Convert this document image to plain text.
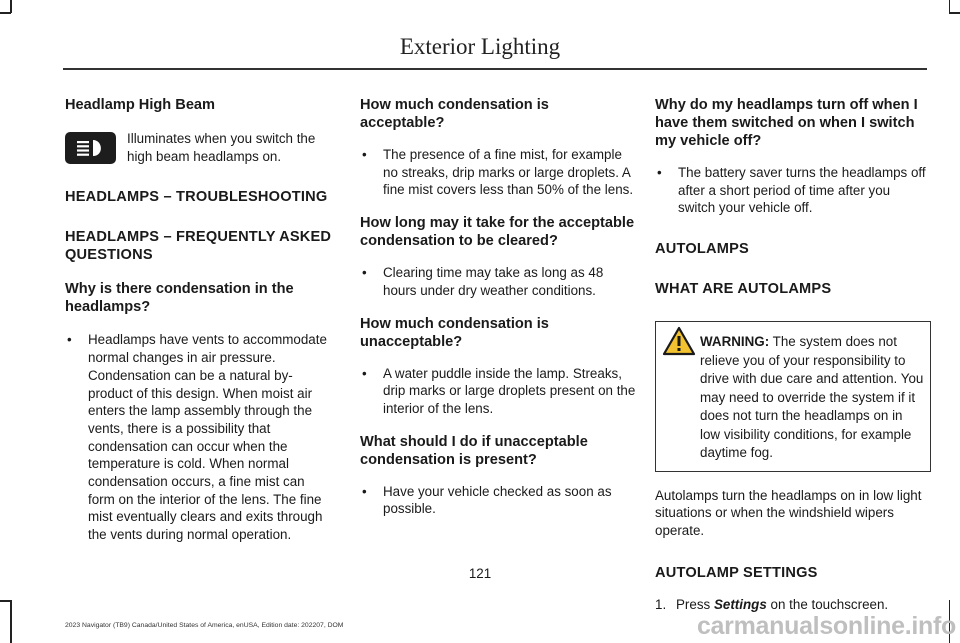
Exterior Lighting

Headlamp High Beam

Illuminates when you switch the high beam headlamps on.

HEADLAMPS – TROUBLESHOOTING

HEADLAMPS – FREQUENTLY ASKED QUESTIONS

Why is there condensation in the headlamps?

• Headlamps have vents to accommodate normal changes in air pressure. Condensation can be a natural by-product of this design. When moist air enters the lamp assembly through the vents, there is a possibility that condensation can occur when the temperature is cold. When normal condensation occurs, a fine mist can form on the interior of the lens. The fine mist eventually clears and exits through the vents during normal operation.

How much condensation is acceptable?

• The presence of a fine mist, for example no streaks, drip marks or large droplets. A fine mist covers less than 50% of the lens.

How long may it take for the acceptable condensation to be cleared?

• Clearing time may take as long as 48 hours under dry weather conditions.

How much condensation is unacceptable?

• A water puddle inside the lamp. Streaks, drip marks or large droplets present on the interior of the lens.

What should I do if unacceptable condensation is present?

• Have your vehicle checked as soon as possible.

Why do my headlamps turn off when I have them switched on when I switch my vehicle off?

• The battery saver turns the headlamps off after a short period of time after you switch your vehicle off.

AUTOLAMPS

WHAT ARE AUTOLAMPS

WARNING: The system does not relieve you of your responsibility to drive with due care and attention. You may need to override the system if it does not turn the headlamps on in low visibility conditions, for example daytime fog.

Autolamps turn the headlamps on in low light situations or when the windshield wipers operate.

AUTOLAMP SETTINGS

1. Press Settings on the touchscreen.

121
2023 Navigator (TB9) Canada/United States of America, enUSA, Edition date: 202207, DOM	carmanualsonline.info
